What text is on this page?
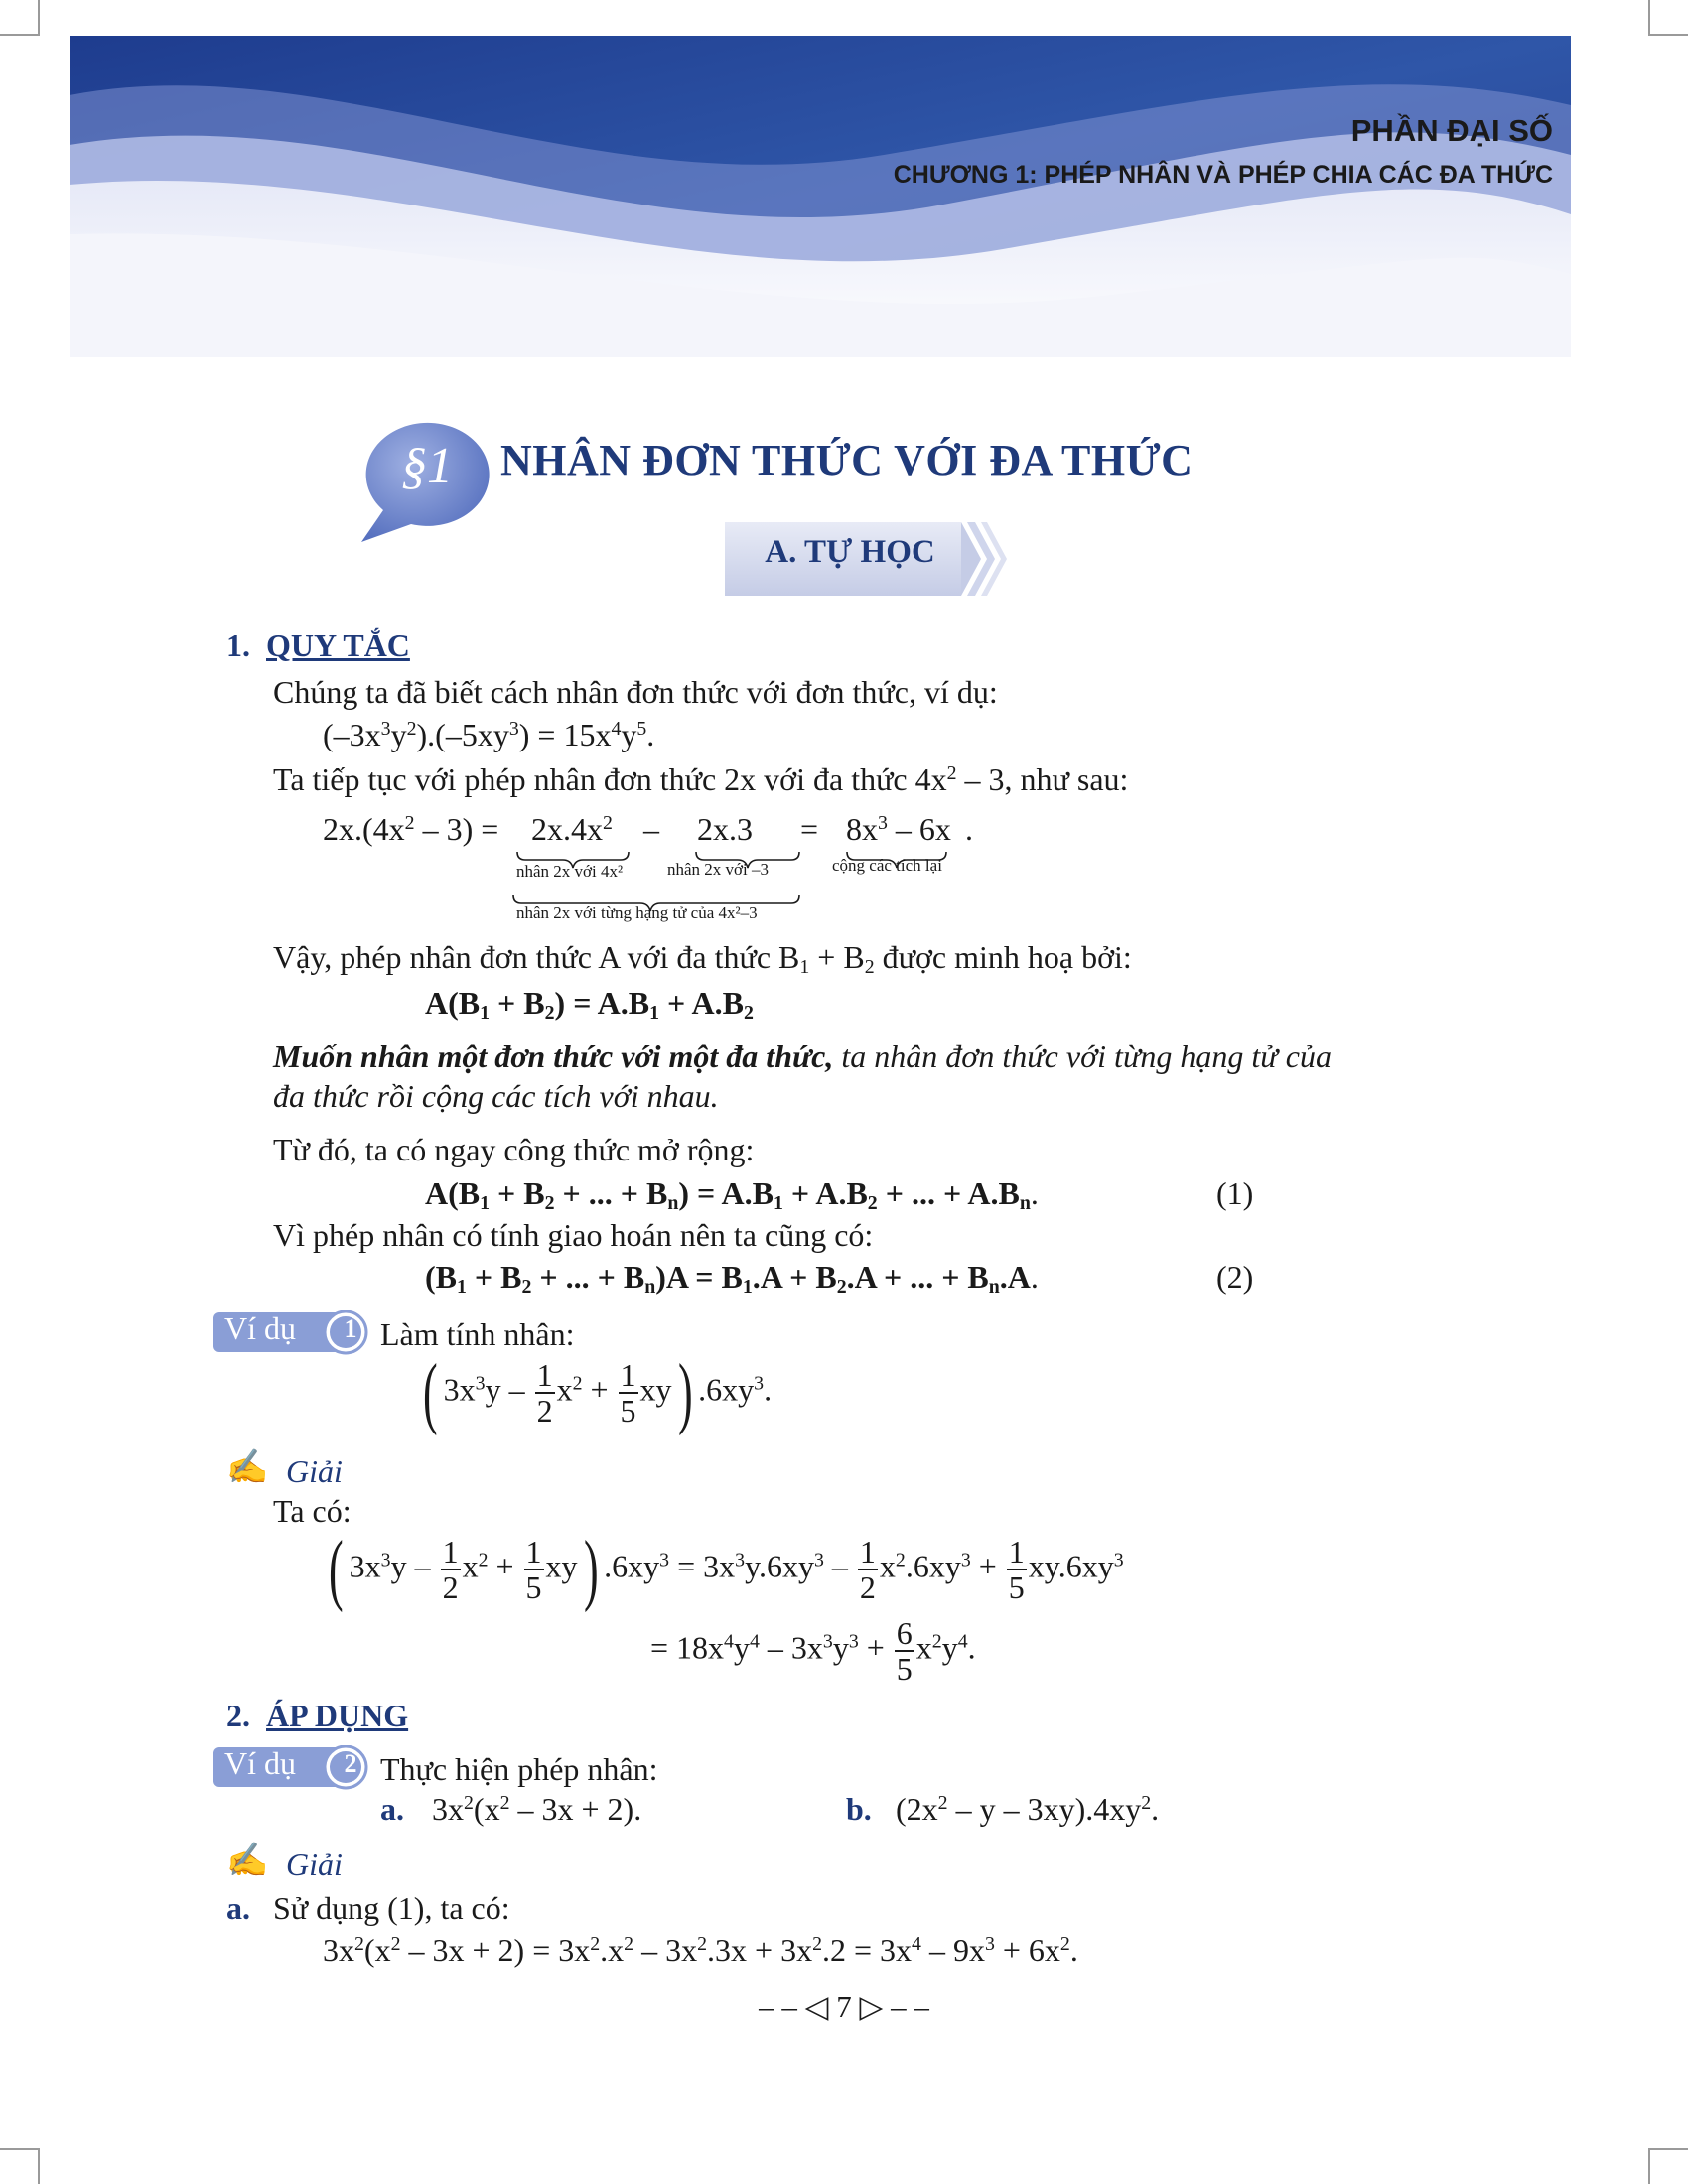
PHẦN ĐẠI SỐ
CHƯƠNG 1: PHÉP NHÂN VÀ PHÉP CHIA CÁC ĐA THỨC
§1	NHÂN ĐƠN THỨC VỚI ĐA THỨC
A. TỰ HỌC
1. QUY TẮC
Chúng ta đã biết cách nhân đơn thức với đơn thức, ví dụ:
$(-3x^3y^2).(-5xy^3) = 15x^4y^5$.
Ta tiếp tục với phép nhân đơn thức 2x với đa thức $4x^2 - 3$, như sau:
$2x.(4x^2 - 3) = 2x.4x^2 - 2x.3 = 8x^3 - 6x$ .
nhân 2x với 4x²	nhân 2x với –3	cộng các tích lại
nhân 2x với từng hạng tử của 4x²–3
Vậy, phép nhân đơn thức A với đa thức $B_1 + B_2$ được minh hoạ bởi:
$A(B_1 + B_2) = A.B_1 + A.B_2$
Muốn nhân một đơn thức với một đa thức, ta nhân đơn thức với từng hạng tử của
đa thức rồi cộng các tích với nhau.
Từ đó, ta có ngay công thức mở rộng:
$A(B_1 + B_2$ + ... + $B_n) = A.B_1 + A.B_2$ + ... + $A.B_n$.	(1)
Vì phép nhân có tính giao hoán nên ta cũng có:
($B_1 + B_2$ + ... + $B_n)A = B_1.A + B_2.A$ + ... + $B_n.A$.	(2)
Ví dụ	1 Làm tính nhân:
( $3x^3y - \frac{1}{2} x^2 + \frac{1}{5} xy$) $.6xy^3$.
✍ Giải
Ta có:
( $3x^3y - \frac{1}{2} x^2 + \frac{1}{5} xy$) $.6xy^3 = 3x^3y.6xy^3 - \frac{1}{2} x^2.6xy^3 + \frac{1}{5} xy.6xy^3$
= $18x^4y^4 - 3x^3y^3 + \frac{6}{5} x^2y^4$.
2. ÁP DỤNG
Ví dụ	2 Thực hiện phép nhân:
a. $3x^2(x^2 - 3x + 2)$.	b. ($2x^2$ – y – $3xy).4xy^2$.
✍ Giải
a. Sử dụng (1), ta có:
$3x^2(x^2 - 3x + 2) = 3x^2.x^2 - 3x^2.3x + 3x^2.2 = 3x^4 - 9x^3 + 6x^2$.
– – ◁ 7 ▷ – –
